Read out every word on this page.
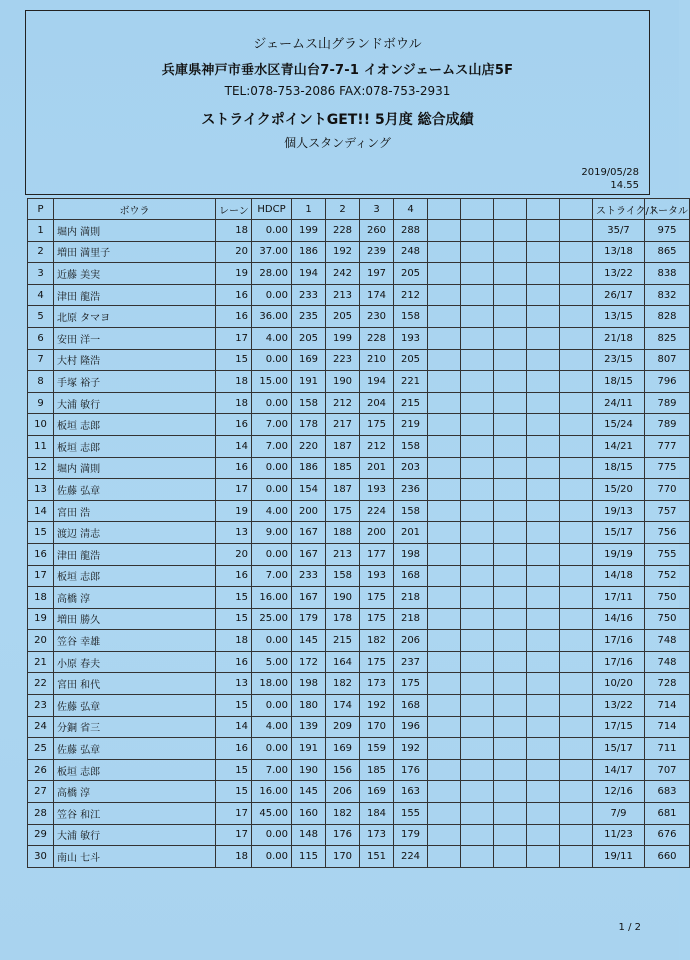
ジェームス山グランドボウル
兵庫県神戸市垂水区青山台7-7-1 イオンジェームス山店5F
TEL:078-753-2086 FAX:078-753-2931
ストライクポイントGET!! 5月度 総合成績
個人スタンディング
2019/05/28
14.55
P	ボウラ	レーン	HDCP	1	2	3	4						ストライク/ス	トータル
1	堀内 満則	18	0.00	199	228	260	288						35/7	975
2	増田 満里子	20	37.00	186	192	239	248						13/18	865
3	近藤 美実	19	28.00	194	242	197	205						13/22	838
4	津田 龍浩	16	0.00	233	213	174	212						26/17	832
5	北原 タマヨ	16	36.00	235	205	230	158						13/15	828
6	安田 洋一	17	4.00	205	199	228	193						21/18	825
7	大村 隆浩	15	0.00	169	223	210	205						23/15	807
8	手塚 裕子	18	15.00	191	190	194	221						18/15	796
9	大浦 敏行	18	0.00	158	212	204	215						24/11	789
10	板垣 志郎	16	7.00	178	217	175	219						15/24	789
11	板垣 志郎	14	7.00	220	187	212	158						14/21	777
12	堀内 満則	16	0.00	186	185	201	203						18/15	775
13	佐藤 弘章	17	0.00	154	187	193	236						15/20	770
14	宮田 浩	19	4.00	200	175	224	158						19/13	757
15	渡辺 清志	13	9.00	167	188	200	201						15/17	756
16	津田 龍浩	20	0.00	167	213	177	198						19/19	755
17	板垣 志郎	16	7.00	233	158	193	168						14/18	752
18	高橋 淳	15	16.00	167	190	175	218						17/11	750
19	増田 勝久	15	25.00	179	178	175	218						14/16	750
20	笠谷 幸雄	18	0.00	145	215	182	206						17/16	748
21	小原 春夫	16	5.00	172	164	175	237						17/16	748
22	宮田 和代	13	18.00	198	182	173	175						10/20	728
23	佐藤 弘章	15	0.00	180	174	192	168						13/22	714
24	分銅 省三	14	4.00	139	209	170	196						17/15	714
25	佐藤 弘章	16	0.00	191	169	159	192						15/17	711
26	板垣 志郎	15	7.00	190	156	185	176						14/17	707
27	高橋 淳	15	16.00	145	206	169	163						12/16	683
28	笠谷 和江	17	45.00	160	182	184	155						7/9	681
29	大浦 敏行	17	0.00	148	176	173	179						11/23	676
30	南山 七斗	18	0.00	115	170	151	224						19/11	660
1 / 2
